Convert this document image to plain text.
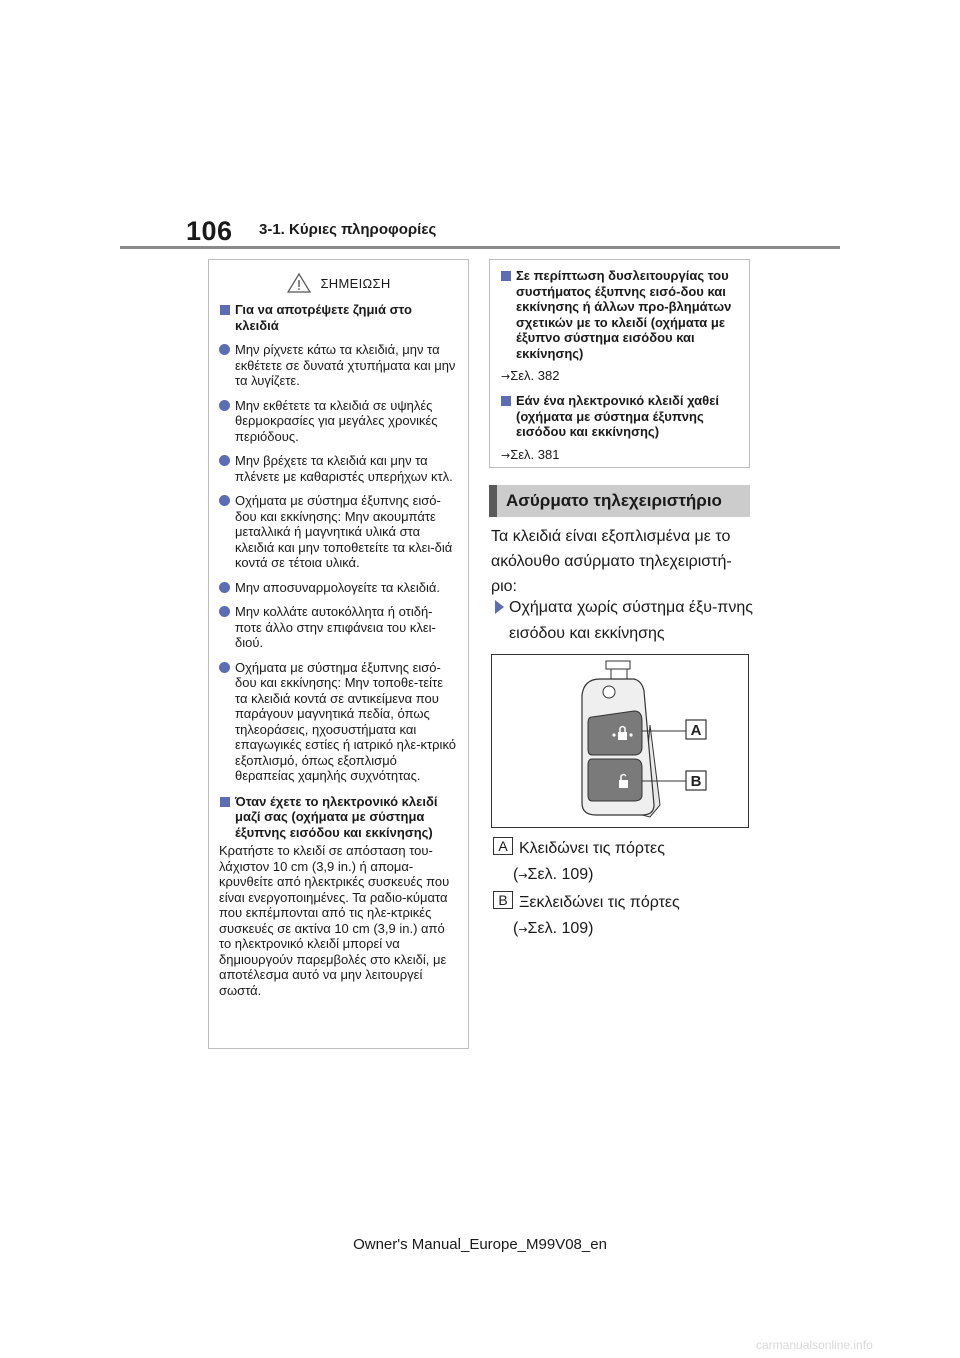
106 3-1. Κύριες πληροφορίες
ΣΗΜΕΙΩΣΗ
Για να αποτρέψετε ζημιά στο κλειδιά
Μην ρίχνετε κάτω τα κλειδιά, μην τα εκθέτετε σε δυνατά χτυπήματα και μην τα λυγίζετε.
Μην εκθέτετε τα κλειδιά σε υψηλές θερμοκρασίες για μεγάλες χρονικές περιόδους.
Μην βρέχετε τα κλειδιά και μην τα πλένετε με καθαριστές υπερήχων κτλ.
Οχήματα με σύστημα έξυπνης εισό-δου και εκκίνησης: Μην ακουμπάτε μεταλλικά ή μαγνητικά υλικά στα κλειδιά και μην τοποθετείτε τα κλει-διά κοντά σε τέτοια υλικά.
Μην αποσυναρμολογείτε τα κλειδιά.
Μην κολλάτε αυτοκόλλητα ή οτιδή-ποτε άλλο στην επιφάνεια του κλει-διού.
Οχήματα με σύστημα έξυπνης εισό-δου και εκκίνησης: Μην τοποθε-τείτε τα κλειδιά κοντά σε αντικείμενα που παράγουν μαγνητικά πεδία, όπως τηλεοράσεις, ηχοσυστήματα και επαγωγικές εστίες ή ιατρικό ηλε-κτρικό εξοπλισμό, όπως εξοπλισμό θεραπείας χαμηλής συχνότητας.
Όταν έχετε το ηλεκτρονικό κλειδί μαζί σας (οχήματα με σύστημα έξυπνης εισόδου και εκκίνησης)
Κρατήστε το κλειδί σε απόσταση του-λάχιστον 10 cm (3,9 in.) ή απομα-κρυνθείτε από ηλεκτρικές συσκευές που είναι ενεργοποιημένες. Τα ραδιο-κύματα που εκπέμπονται από τις ηλε-κτρικές συσκευές σε ακτίνα 10 cm (3,9 in.) από το ηλεκτρονικό κλειδί μπορεί να δημιουργούν παρεμβολές στο κλειδί, με αποτέλεσμα αυτό να μην λειτουργεί σωστά.
Σε περίπτωση δυσλειτουργίας του συστήματος έξυπνης εισό-δου και εκκίνησης ή άλλων προ-βλημάτων σχετικών με το κλειδί (οχήματα με έξυπνο σύστημα εισόδου και εκκίνησης)
→Σελ. 382
Εάν ένα ηλεκτρονικό κλειδί χαθεί (οχήματα με σύστημα έξυπνης εισόδου και εκκίνησης)
→Σελ. 381
Ασύρματο τηλεχειριστήριο
Τα κλειδιά είναι εξοπλισμένα με το ακόλουθο ασύρματο τηλεχειριστή-ριο:
Οχήματα χωρίς σύστημα έξυ-πνης εισόδου και εκκίνησης
A
B
A Κλειδώνει τις πόρτες
(→Σελ. 109)
B Ξεκλειδώνει τις πόρτες
(→Σελ. 109)
Owner's Manual_Europe_M99V08_en
carmanualsonline.info
